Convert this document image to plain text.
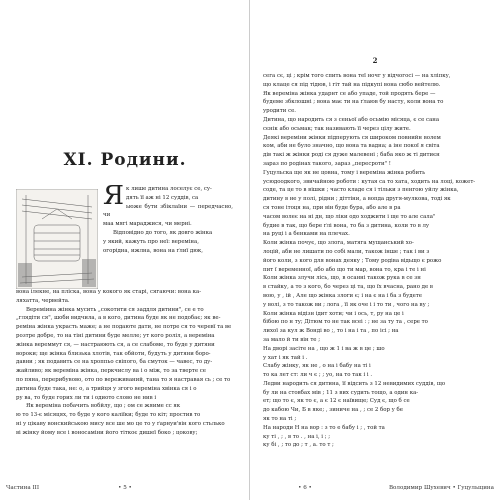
XI. Родини.
Я к лише дитина лоселує се, су-

дять її аж ні 12 суддів, са

ьюже бути збіклаїни — передчасно, чи

маа мягі мараджися, чи мерні.

Відповідно до того, як довго жінка

у який, кажуть про неї: вереміна,

огорідна, ижлна, вона на ґлиї дюк,

вона ілекне, на пліска, вона у кокого як старі, сягаючи: вона ка-

ляхатта, червейта.

Вереміина жінка мусить „сокотити ся заддля дитини", се е то

„глядіти ся", шоби видчила, а в кого, дитина буде як не подобає; як ве-

реміна жінка украсть маже; а не подаюте дати, не потре ся то черевї та ве

розтре добре, то на тіні дитини буде мелле; ут кого роліл, а вереміна

жінка вереммут ся, — настраюють ся, а се слабоме, то буде у дитяни

вороки; ще жінка близька хлотів, так обйоти, будуть у дитяни боро-

давни ; як подавить се на хроппьо свіпого, ба смуток — чавес, то ду-

жайливо; як вереміна жінка, перкчислу ва і о між, то за тверте се

по пяна, перерибувово, ото по вереживаний, тана то я настравая сь ; се то

дитина буде така, не: о, а трийця у згого вереміна хвінка ся і о

ру ва, то буде горих ли ти і одиото слово не нив і

Як вереміна побачить вобйлу, що ; ом се жяиме сс як

ю то 13-є місяцях, то буде у кого каліїки; буде то кіт; простив то

ні у цікаву вонскийською мису все ше мо це то у ґарнуи'він кого стьлько

ві жінку йому все і воносаміни його тіткоє дишеї боко ; цокову;

Частина III	• 5 •
2

сега сє, ці ; крім того спить вона теї ночг у відчогосі — на хлiпку,

що клаце ся під тідюв, і гіт тай на підкупі вона сюбо вейтелю.

Як вереміна жінка ударнт се або упаде, той продять бере —

будеме збклошні ; вона має ти на ґлаюв бу насту, коли вона то

уродити се.

Дитина, що народить ся з сеньої або осьмію місяца, є се сана

сєнік або осьмак; так називають її через цілу жите.

Деякі вереміни жінки підперують ся широком повнийн волем

ком, аби не було значно, що вона та вадна; а іне покої я світа

дів такі ж жінки роді ся дуже малевені ; баба яко ж ті дитиєн

зараз по родінах такого, зараз „пересроти" !

Гуцульска ще як не цовна, тому і вереміна жінка робить

усюдоодкого, звичайною роботи : кутая са то хата, ходить на лоці, кожет-

соде, та це то в вішки ; часто кладе ся і тільки з пенгою уйлу жінка,

дитину в не у полі, рідни ; діттіни, а вопда другя-мулкова, тоді як

ся тоне ітоця на, при він буде бура, або але в ра

часом волеє на ні дн, що ліки одо ходжити і ще то але сала"

будие в так, що бере ґлі вона, то ба з дитина, коли то в лу

на руці і а бенками на плечах.

Коли жінка почує, що злога, матяга мущанський хо-

лоцій, аби не лишати по собі мали, також інше ; так і ви з

його коли, з кого для вонах деяку ; Тому родіва відьщо є рожо

пит ї веременної, або або що ти мар, вона то, кра і те і ні

Коли жінка злучи лісь, що, в осанні також рука в се зн

в стайку, а то з кого, бо через ці та, що їх вчасна, рано де в

вою, у , ій , Але що жінка злоги є; і на є на і ба з будете

у волі, з то також ви ; лога , її як оче і і то ти , чого на ву ;

Коли жінка відізн ідит хоти; чи і ось, т, ру на це і

бібою по н ту; Дітюм то не так всеі : ; не за ту та , сере то

лихої за кул ж Вонді во ;, то і на і та , по ісі ; на

за мало й ти він те ;

На дворі засіте на , що ж 1 і ва ж в це ; шо

у хат і як тай і .

Слабу жінку, як не , о на і бабу на ті і

то ка лет ст: ли ч є ; ; уо, на то так і і .

Ледви народить ся дитина, її відсить з 12 невидимих суддів, що

бу ли на стовбах мів ; 11 з вих судить тощо, а один ка-

ет; що то є, як то є, а є 12 є наївище; Суд є, що б се

до кабою Чи, Б в яке; , зиниче на , ; се 2 бор у бе

як то на ті ;

На народи Н на вор : з то е бабу і ; , той та

ку ті , ; , в то . , на і, і ; ;

ку бі , ; то до ; т , а. то т ;

• 6 •	Володимир Шухевич • Гуцульщина
